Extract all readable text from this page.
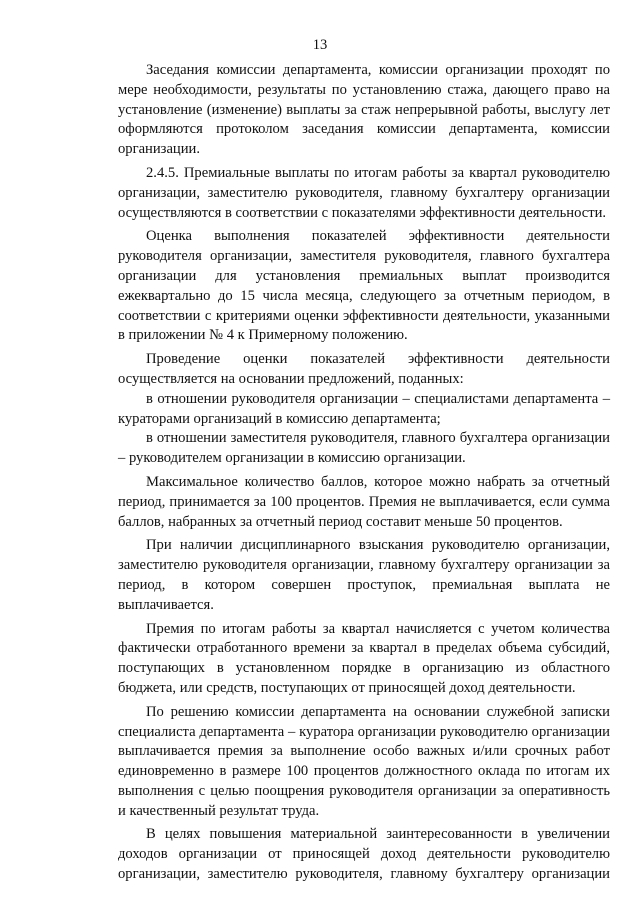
13

Заседания комиссии департамента, комиссии организации проходят по мере необходимости, результаты по установлению стажа, дающего право на установление (изменение) выплаты за стаж непрерывной работы, выслугу лет оформляются протоколом заседания комиссии департамента, комиссии организации.

2.4.5. Премиальные выплаты по итогам работы за квартал руководителю организации, заместителю руководителя, главному бухгалтеру организации осуществляются в соответствии с показателями эффективности деятельности.

Оценка выполнения показателей эффективности деятельности руководителя организации, заместителя руководителя, главного бухгалтера организации для установления премиальных выплат производится ежеквартально до 15 числа месяца, следующего за отчетным периодом, в соответствии с критериями оценки эффективности деятельности, указанными в приложении № 4 к Примерному положению.

Проведение оценки показателей эффективности деятельности осуществляется на основании предложений, поданных:

в отношении руководителя организации – специалистами департамента – кураторами организаций в комиссию департамента;

в отношении заместителя руководителя, главного бухгалтера организации – руководителем организации в комиссию организации.

Максимальное количество баллов, которое можно набрать за отчетный период, принимается за 100 процентов. Премия не выплачивается, если сумма баллов, набранных за отчетный период составит меньше 50 процентов.

При наличии дисциплинарного взыскания руководителю организации, заместителю руководителя организации, главному бухгалтеру организации за период, в котором совершен проступок, премиальная выплата не выплачивается.

Премия по итогам работы за квартал начисляется с учетом количества фактически отработанного времени за квартал в пределах объема субсидий, поступающих в установленном порядке в организацию из областного бюджета, или средств, поступающих от приносящей доход деятельности.

По решению комиссии департамента на основании служебной записки специалиста департамента – куратора организации руководителю организации выплачивается премия за выполнение особо важных и/или срочных работ единовременно в размере 100 процентов должностного оклада по итогам их выполнения с целью поощрения руководителя организации за оперативность и качественный результат труда.

В целях повышения материальной заинтересованности в увеличении доходов организации от приносящей доход деятельности руководителю организации, заместителю руководителя, главному бухгалтеру организации
